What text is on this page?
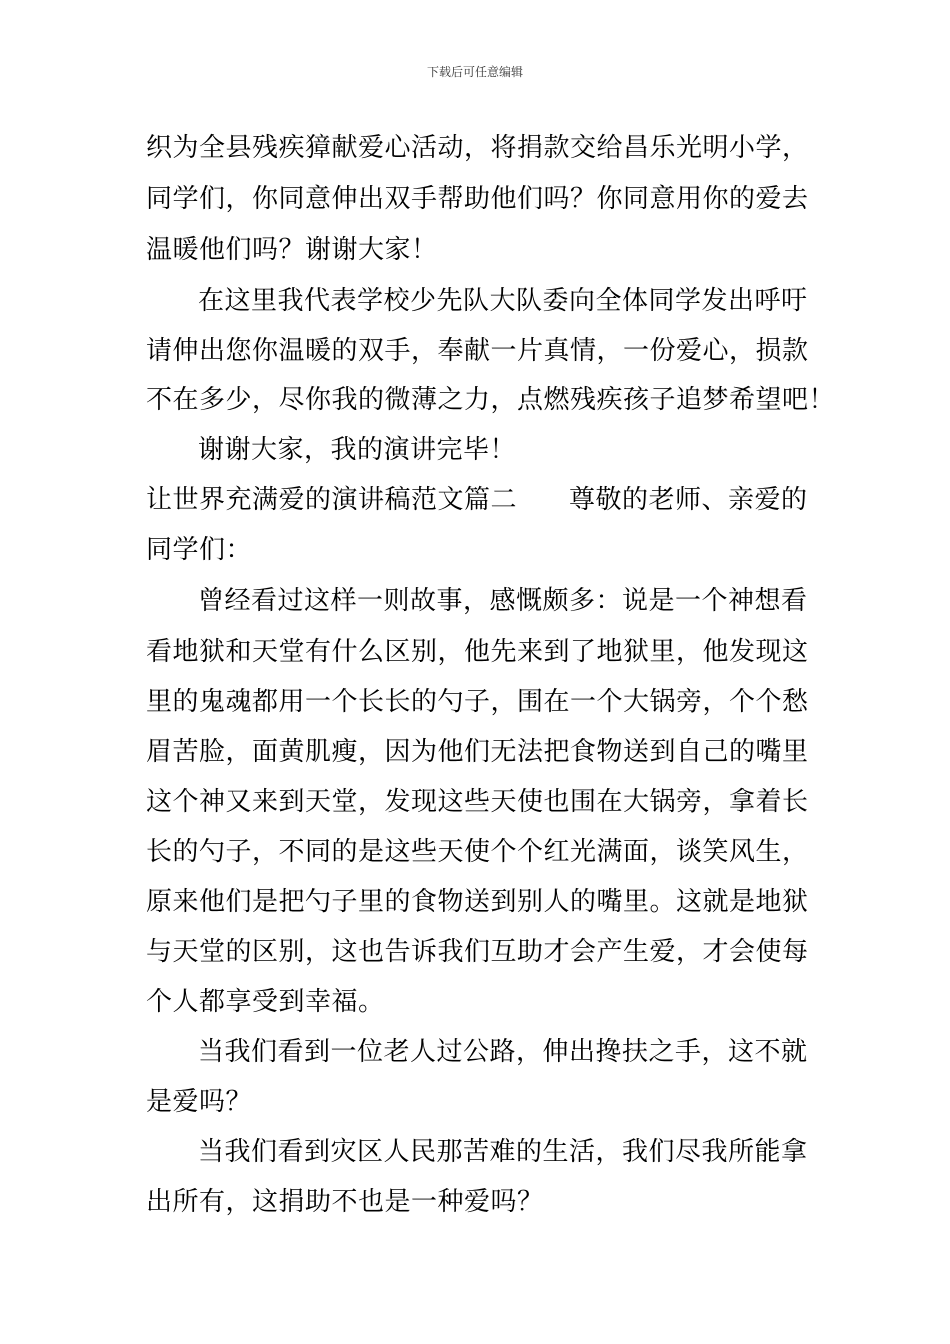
下载后可任意编辑
织为全县残疾獐献爱心活动，将捐款交给昌乐光明小学，
同学们，你同意伸出双手帮助他们吗？你同意用你的爱去
温暖他们吗？谢谢大家！
在这里我代表学校少先队大队委向全体同学发出呼吁
请伸出您你温暖的双手，奉献一片真情，一份爱心，损款
不在多少，尽你我的微薄之力，点燃残疾孩子追梦希望吧！
谢谢大家，我的演讲完毕！
让世界充满爱的演讲稿范文篇二 尊敬的老师、亲爱的
同学们：
曾经看过这样一则故事，感慨颇多：说是一个神想看
看地狱和天堂有什么区别，他先来到了地狱里，他发现这
里的鬼魂都用一个长长的勺子，围在一个大锅旁，个个愁
眉苦脸，面黄肌瘦，因为他们无法把食物送到自己的嘴里
这个神又来到天堂，发现这些天使也围在大锅旁，拿着长
长的勺子，不同的是这些天使个个红光满面，谈笑风生，
原来他们是把勺子里的食物送到别人的嘴里。这就是地狱
与天堂的区别，这也告诉我们互助才会产生爱，才会使每
个人都享受到幸福。
当我们看到一位老人过公路，伸出搀扶之手，这不就
是爱吗？
当我们看到灾区人民那苦难的生活，我们尽我所能拿
出所有，这捐助不也是一种爱吗？
